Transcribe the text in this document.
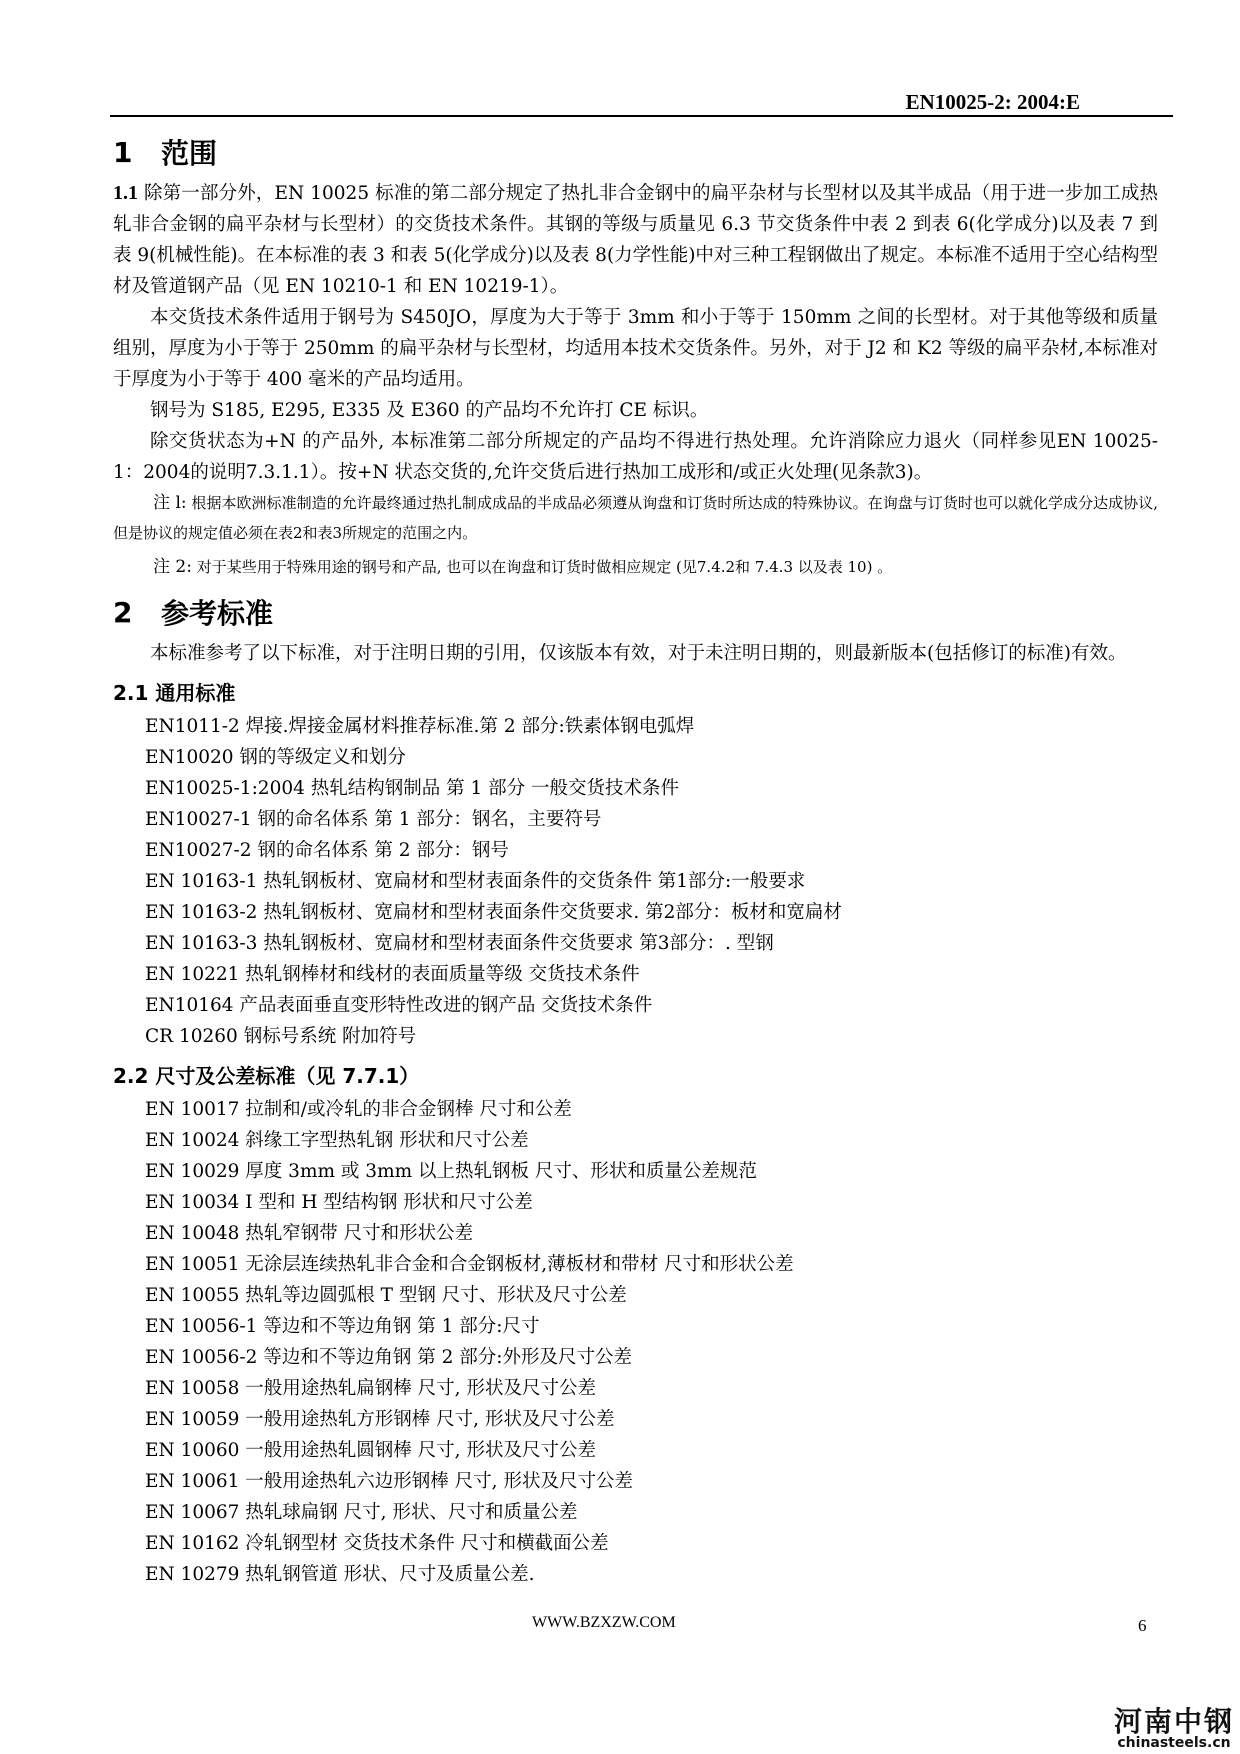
EN10025-2: 2004:E
1	范围

1.1 除第一部分外，EN 10025 标准的第二部分规定了热扎非合金钢中的扁平杂材与长型材以及其半成品（用于进一步加工成热轧非合金钢的扁平杂材与长型材）的交货技术条件。其钢的等级与质量见 6.3 节交货条件中表 2 到表 6(化学成分)以及表 7 到表 9(机械性能)。在本标准的表 3 和表 5(化学成分)以及表 8(力学性能)中对三种工程钢做出了规定。本标准不适用于空心结构型材及管道钢产品（见 EN 10210-1 和 EN 10219-1）。

本交货技术条件适用于钢号为 S450JO，厚度为大于等于 3mm 和小于等于 150mm 之间的长型材。对于其他等级和质量组别，厚度为小于等于 250mm 的扁平杂材与长型材，均适用本技术交货条件。另外，对于 J2 和 K2 等级的扁平杂材,本标准对于厚度为小于等于 400 毫米的产品均适用。

钢号为 S185, E295, E335 及 E360 的产品均不允许打 CE 标识。

除交货状态为+N 的产品外, 本标准第二部分所规定的产品均不得进行热处理。允许消除应力退火（同样参见EN 10025-1：2004的说明7.3.1.1）。按+N 状态交货的,允许交货后进行热加工成形和/或正火处理(见条款3)。

注 l: 根据本欧洲标准制造的允许最终通过热扎制成成品的半成品必须遵从询盘和订货时所达成的特殊协议。在询盘与订货时也可以就化学成分达成协议,但是协议的规定值必须在表2和表3所规定的范围之内。

注 2: 对于某些用于特殊用途的钢号和产品, 也可以在询盘和订货时做相应规定 (见7.4.2和 7.4.3 以及表 10) 。

2	参考标准

本标准参考了以下标准，对于注明日期的引用，仅该版本有效，对于未注明日期的，则最新版本(包括修订的标准)有效。

2.1 通用标准
EN1011-2 焊接.焊接金属材料推荐标准.第 2 部分:铁素体钢电弧焊
EN10020 钢的等级定义和划分
EN10025-1:2004 热轧结构钢制品 第 1 部分 一般交货技术条件
EN10027-1 钢的命名体系 第 1 部分：钢名，主要符号
EN10027-2 钢的命名体系 第 2 部分：钢号
EN 10163-1 热轧钢板材、宽扁材和型材表面条件的交货条件 第1部分:一般要求
EN 10163-2 热轧钢板材、宽扁材和型材表面条件交货要求. 第2部分：板材和宽扁材
EN 10163-3 热轧钢板材、宽扁材和型材表面条件交货要求 第3部分：. 型钢
EN 10221 热轧钢棒材和线材的表面质量等级 交货技术条件
EN10164 产品表面垂直变形特性改进的钢产品 交货技术条件
CR 10260 钢标号系统 附加符号
2.2 尺寸及公差标准（见 7.7.1）
EN 10017 拉制和/或冷轧的非合金钢棒 尺寸和公差
EN 10024 斜缘工字型热轧钢 形状和尺寸公差
EN 10029 厚度 3mm 或 3mm 以上热轧钢板 尺寸、形状和质量公差规范
EN 10034 I 型和 H 型结构钢 形状和尺寸公差
EN 10048 热轧窄钢带 尺寸和形状公差
EN 10051 无涂层连续热轧非合金和合金钢板材,薄板材和带材 尺寸和形状公差
EN 10055 热轧等边圆弧根 T 型钢 尺寸、形状及尺寸公差
EN 10056-1 等边和不等边角钢 第 1 部分:尺寸
EN 10056-2 等边和不等边角钢 第 2 部分:外形及尺寸公差
EN 10058 一般用途热轧扁钢棒 尺寸, 形状及尺寸公差
EN 10059 一般用途热轧方形钢棒 尺寸, 形状及尺寸公差
EN 10060 一般用途热轧圆钢棒 尺寸, 形状及尺寸公差
EN 10061 一般用途热轧六边形钢棒 尺寸, 形状及尺寸公差
EN 10067 热轧球扁钢 尺寸, 形状、尺寸和质量公差
EN 10162 冷轧钢型材 交货技术条件 尺寸和横截面公差
EN 10279 热轧钢管道 形状、尺寸及质量公差.
WWW.BZXZW.COM	6
河南中钢
chinasteels.cn
